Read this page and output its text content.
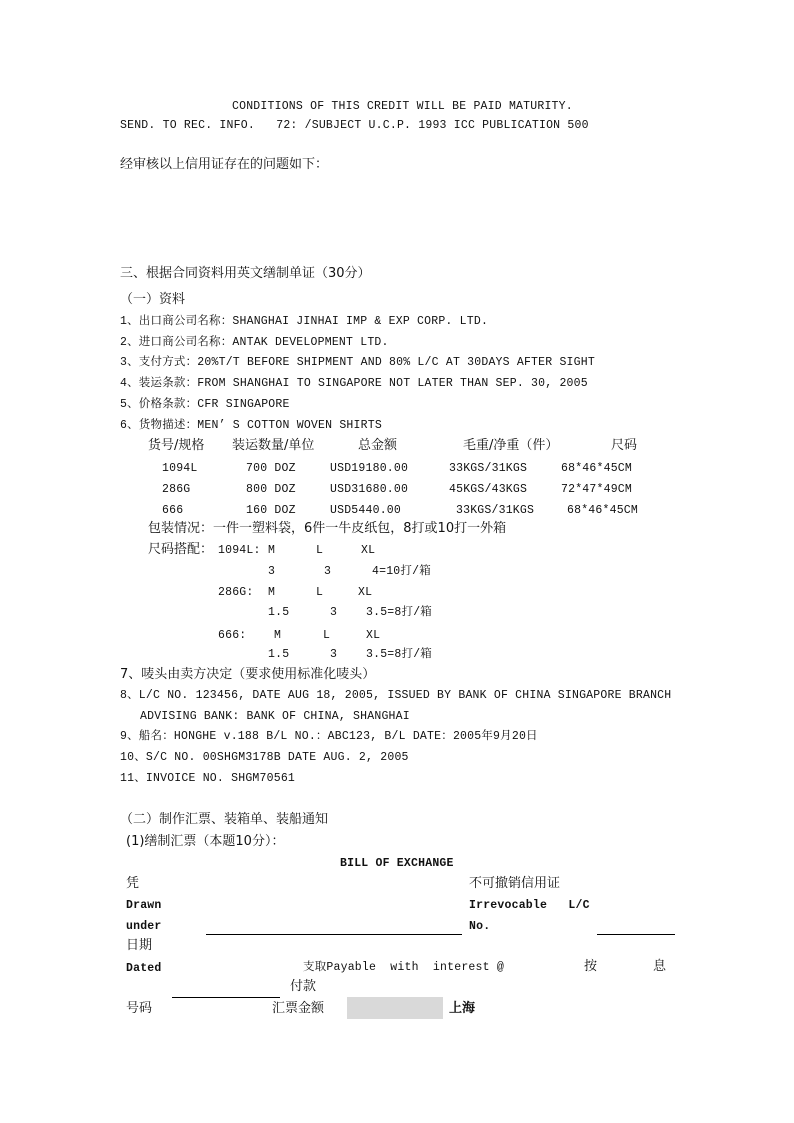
CONDITIONS OF THIS CREDIT WILL BE PAID MATURITY.
SEND. TO REC. INFO.   72: /SUBJECT U.C.P. 1993 ICC PUBLICATION 500
经审核以上信用证存在的问题如下：
三、根据合同资料用英文缮制单证（30分）
（一）资料
1、出口商公司名称：SHANGHAI JINHAI IMP & EXP CORP. LTD.
2、进口商公司名称：ANTAK DEVELOPMENT LTD.
3、支付方式：20%T/T BEFORE SHIPMENT AND 80% L/C AT 30DAYS AFTER SIGHT
4、装运条款：FROM SHANGHAI TO SINGAPORE NOT LATER THAN SEP. 30, 2005
5、价格条款：CFR SINGAPORE
6、货物描述：MEN’ S COTTON WOVEN SHIRTS
货号/规格 装运数量/单位	总金额	毛重/净重（件）	尺码
1094L	700 DOZ	USD19180.00	33KGS/31KGS	68*46*45CM
286G	800 DOZ	USD31680.00	45KGS/43KGS	72*47*49CM
666	160 DOZ	USD5440.00	33KGS/31KGS	68*46*45CM
包装情况：一件一塑料袋，6件一牛皮纸包，8打或10打一外箱
尺码搭配： 1094L: M	L	XL
3	3	4=10打/箱
286G: M	L	XL
1.5	3	3.5=8打/箱
666: M	L	XL
1.5	3	3.5=8打/箱
7、唛头由卖方决定（要求使用标准化唛头）
8、L/C NO. 123456, DATE AUG 18, 2005, ISSUED BY BANK OF CHINA SINGAPORE BRANCH
ADVISING BANK: BANK OF CHINA, SHANGHAI
9、船名：HONGHE v.188 B/L NO.：ABC123, B/L DATE：2005年9月20日
10、S/C NO. 00SHGM3178B DATE AUG. 2, 2005
11、INVOICE NO. SHGM70561
（二）制作汇票、装箱单、装船通知
(1)缮制汇票（本题10分）：
BILL OF EXCHANGE
凭	不可撤销信用证
Drawn	Irrevocable   L/C
under	No.
日期
Dated	支取Payable  with  interest @	按	息
付款
号码	汇票金额	上海
